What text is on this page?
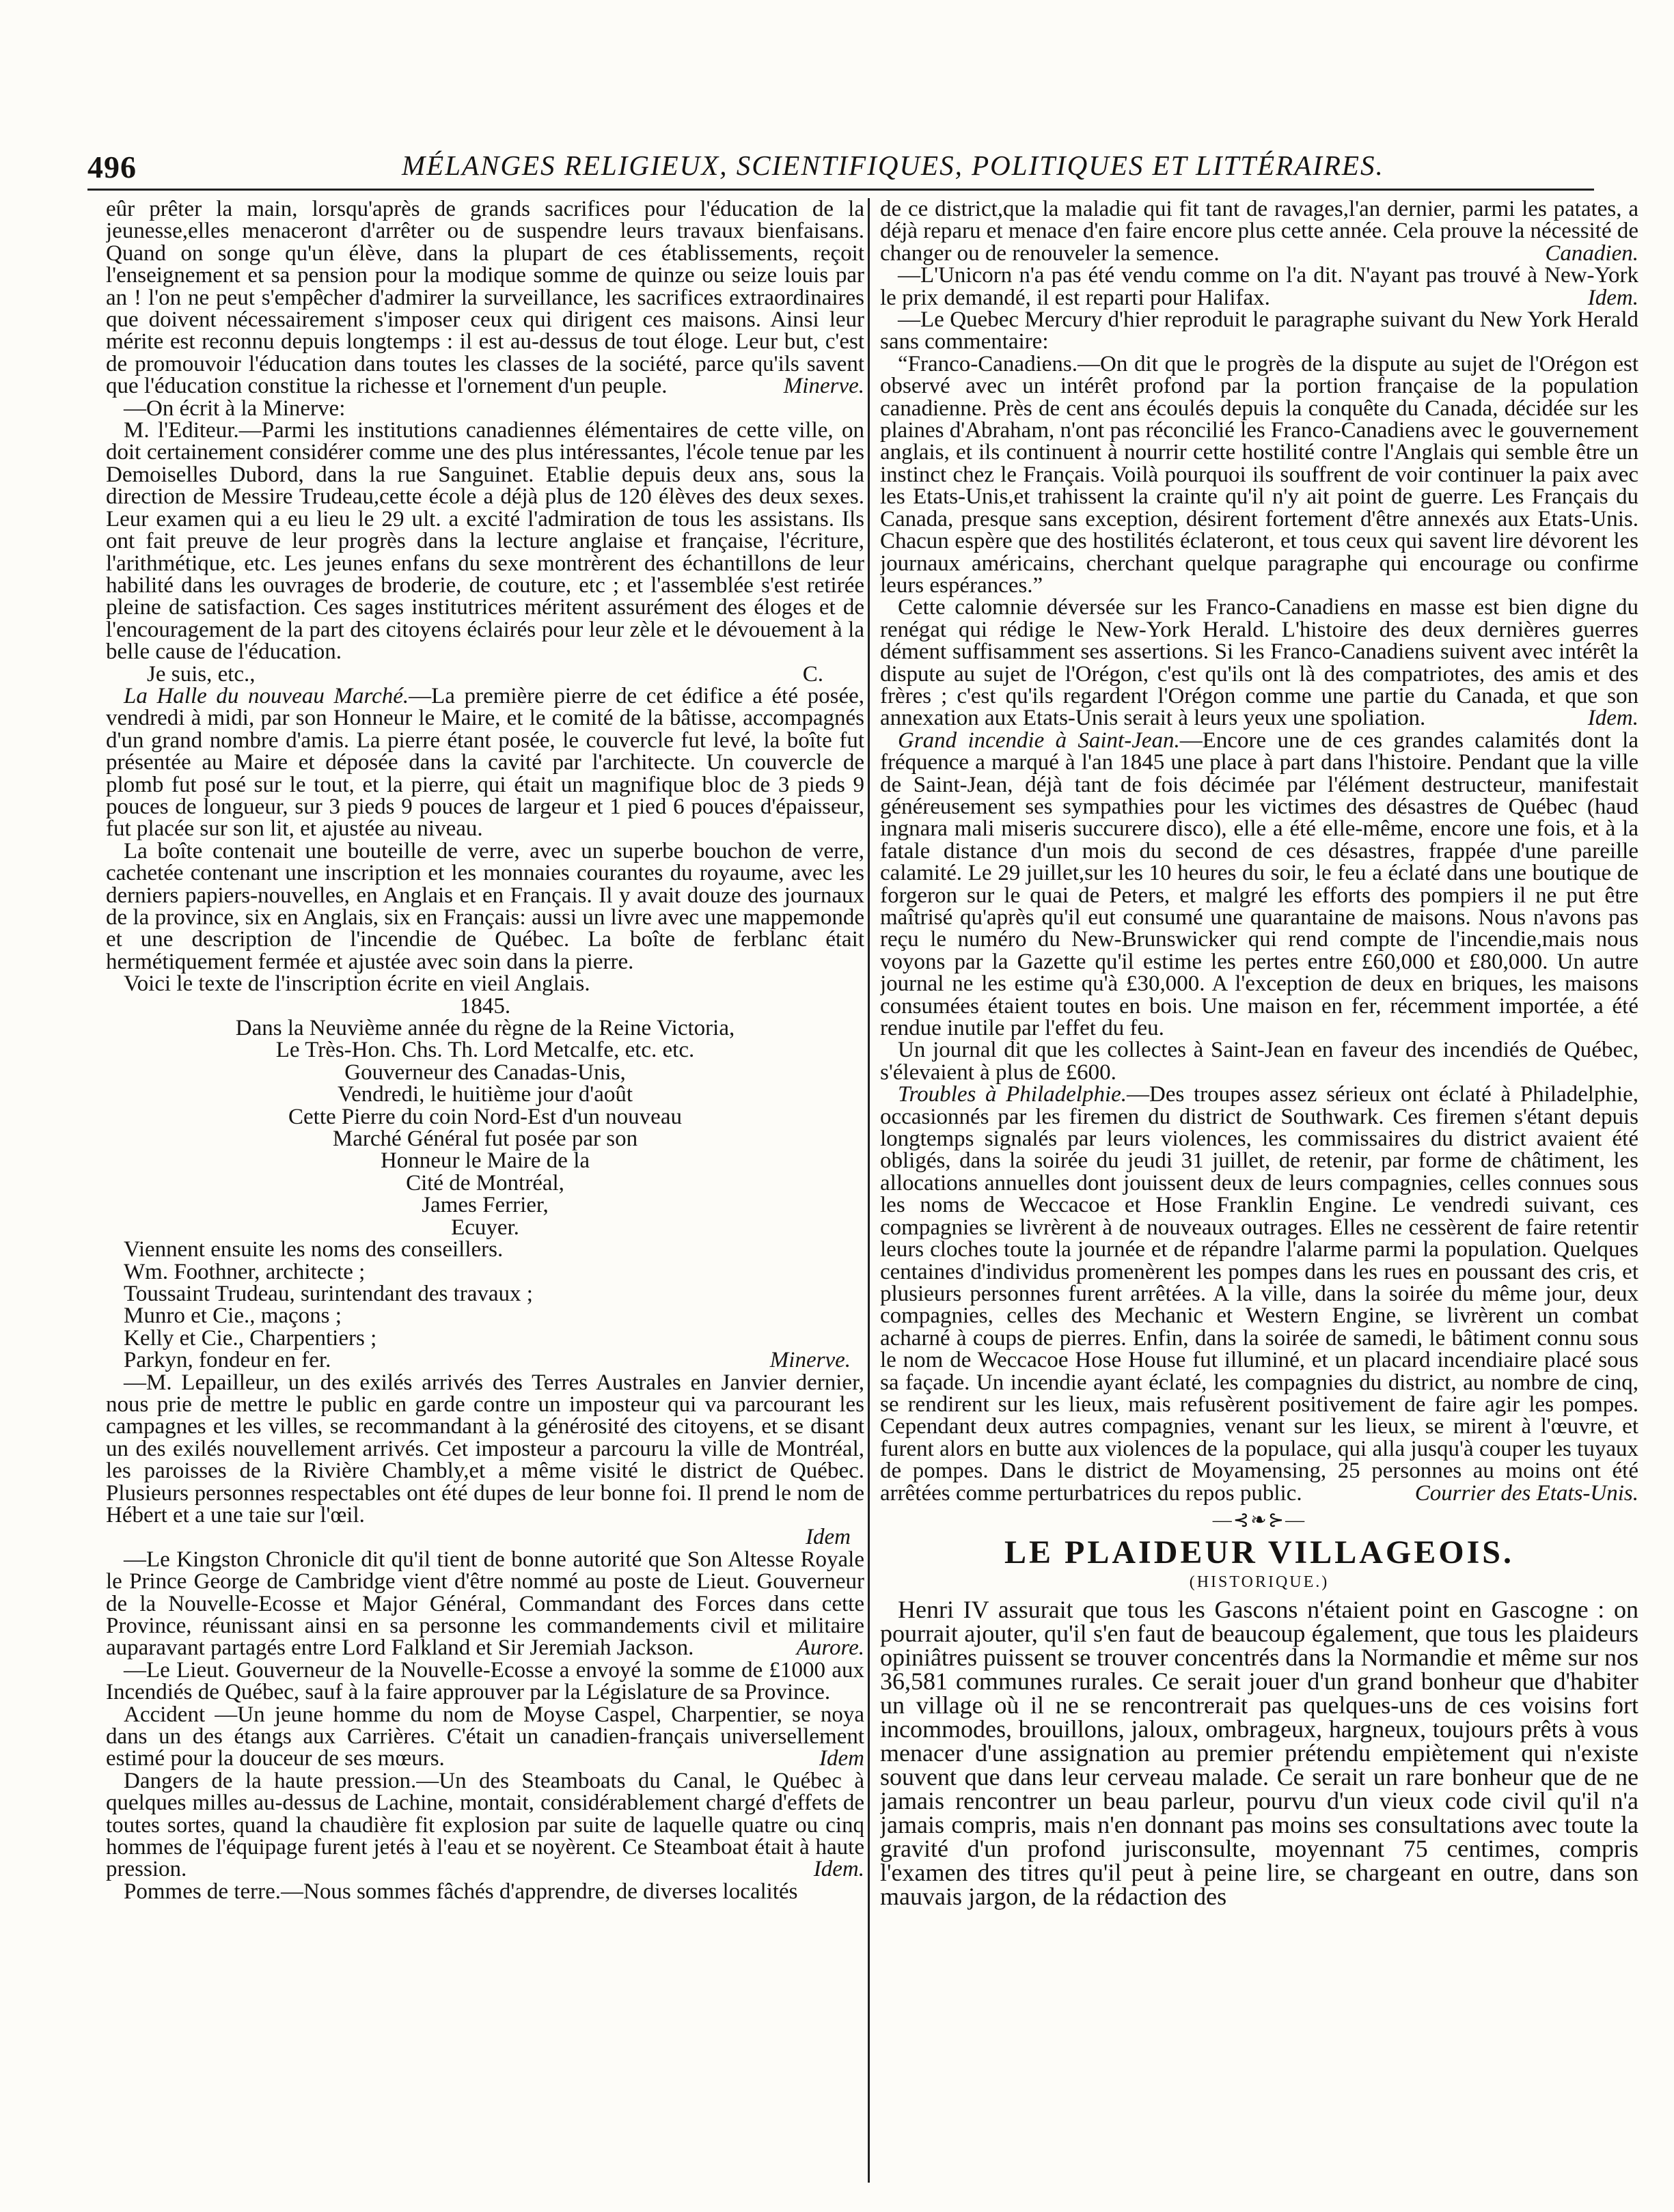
496	MÉLANGES RELIGIEUX, SCIENTIFIQUES, POLITIQUES ET LITTÉRAIRES.

eûr prêter la main, lorsqu'après de grands sacrifices pour l'éducation de la jeunesse,elles menaceront d'arrêter ou de suspendre leurs travaux bienfaisans. Quand on songe qu'un élève, dans la plupart de ces établissements, reçoit l'enseignement et sa pension pour la modique somme de quinze ou seize louis par an ! l'on ne peut s'empêcher d'admirer la surveillance, les sacrifices extraordinaires que doivent nécessairement s'imposer ceux qui dirigent ces maisons. Ainsi leur mérite est reconnu depuis longtemps : il est au-dessus de tout éloge. Leur but, c'est de promouvoir l'éducation dans toutes les classes de la société, parce qu'ils savent que l'éducation constitue la richesse et l'ornement d'un peuple.	Minerve.

—On écrit à la Minerve:

M. l'Editeur.—Parmi les institutions canadiennes élémentaires de cette ville, on doit certainement considérer comme une des plus intéressantes, l'école tenue par les Demoiselles Dubord, dans la rue Sanguinet. Etablie depuis deux ans, sous la direction de Messire Trudeau,cette école a déjà plus de 120 élèves des deux sexes. Leur examen qui a eu lieu le 29 ult. a excité l'admiration de tous les assistans. Ils ont fait preuve de leur progrès dans la lecture anglaise et française, l'écriture, l'arithmétique, etc. Les jeunes enfans du sexe montrèrent des échantillons de leur habilité dans les ouvrages de broderie, de couture, etc ; et l'assemblée s'est retirée pleine de satisfaction. Ces sages institutrices méritent assurément des éloges et de l'encouragement de la part des citoyens éclairés pour leur zèle et le dévouement à la belle cause de l'éducation.

Je suis, etc.,	C.

La Halle du nouveau Marché.—La première pierre de cet édifice a été posée, vendredi à midi, par son Honneur le Maire, et le comité de la bâtisse, accompagnés d'un grand nombre d'amis. La pierre étant posée, le couvercle fut levé, la boîte fut présentée au Maire et déposée dans la cavité par l'architecte. Un couvercle de plomb fut posé sur le tout, et la pierre, qui était un magnifique bloc de 3 pieds 9 pouces de longueur, sur 3 pieds 9 pouces de largeur et 1 pied 6 pouces d'épaisseur, fut placée sur son lit, et ajustée au niveau.

La boîte contenait une bouteille de verre, avec un superbe bouchon de verre, cachetée contenant une inscription et les monnaies courantes du royaume, avec les derniers papiers-nouvelles, en Anglais et en Français. Il y avait douze des journaux de la province, six en Anglais, six en Français: aussi un livre avec une mappemonde et une description de l'incendie de Québec. La boîte de ferblanc était hermétiquement fermée et ajustée avec soin dans la pierre.

Voici le texte de l'inscription écrite en vieil Anglais.

1845.
Dans la Neuvième année du règne de la Reine Victoria,
Le Très-Hon. Chs. Th. Lord Metcalfe, etc. etc.
Gouverneur des Canadas-Unis,
Vendredi, le huitième jour d'août
Cette Pierre du coin Nord-Est d'un nouveau
Marché Général fut posée par son
Honneur le Maire de la
Cité de Montréal,
James Ferrier,
Ecuyer.
Viennent ensuite les noms des conseillers.
Wm. Foothner, architecte ;
Toussaint Trudeau, surintendant des travaux ;
Munro et Cie., maçons ;
Kelly et Cie., Charpentiers ;
Parkyn, fondeur en fer.	Minerve.

—M. Lepailleur, un des exilés arrivés des Terres Australes en Janvier dernier, nous prie de mettre le public en garde contre un imposteur qui va parcourant les campagnes et les villes, se recommandant à la générosité des citoyens, et se disant un des exilés nouvellement arrivés. Cet imposteur a parcouru la ville de Montréal, les paroisses de la Rivière Chambly,et a même visité le district de Québec. Plusieurs personnes respectables ont été dupes de leur bonne foi. Il prend le nom de Hébert et a une taie sur l'œil.

Idem

—Le Kingston Chronicle dit qu'il tient de bonne autorité que Son Altesse Royale le Prince George de Cambridge vient d'être nommé au poste de Lieut. Gouverneur de la Nouvelle-Ecosse et Major Général, Commandant des Forces dans cette Province, réunissant ainsi en sa personne les commandements civil et militaire auparavant partagés entre Lord Falkland et Sir Jeremiah Jackson.	Aurore.

—Le Lieut. Gouverneur de la Nouvelle-Ecosse a envoyé la somme de £1000 aux Incendiés de Québec, sauf à la faire approuver par la Législature de sa Province.

Accident —Un jeune homme du nom de Moyse Caspel, Charpentier, se noya dans un des étangs aux Carrières. C'était un canadien-français universellement estimé pour la douceur de ses mœurs.	Idem

Dangers de la haute pression.—Un des Steamboats du Canal, le Québec à quelques milles au-dessus de Lachine, montait, considérablement chargé d'effets de toutes sortes, quand la chaudière fit explosion par suite de laquelle quatre ou cinq hommes de l'équipage furent jetés à l'eau et se noyèrent. Ce Steamboat était à haute pression.	Idem.

Pommes de terre.—Nous sommes fâchés d'apprendre, de diverses localités

de ce district,que la maladie qui fit tant de ravages,l'an dernier, parmi les patates, a déjà reparu et menace d'en faire encore plus cette année. Cela prouve la nécessité de changer ou de renouveler la semence.	Canadien.

—L'Unicorn n'a pas été vendu comme on l'a dit. N'ayant pas trouvé à New-York le prix demandé, il est reparti pour Halifax.	Idem.

—Le Quebec Mercury d'hier reproduit le paragraphe suivant du New York Herald sans commentaire:

“Franco-Canadiens.—On dit que le progrès de la dispute au sujet de l'Orégon est observé avec un intérêt profond par la portion française de la population canadienne. Près de cent ans écoulés depuis la conquête du Canada, décidée sur les plaines d'Abraham, n'ont pas réconcilié les Franco-Canadiens avec le gouvernement anglais, et ils continuent à nourrir cette hostilité contre l'Anglais qui semble être un instinct chez le Français. Voilà pourquoi ils souffrent de voir continuer la paix avec les Etats-Unis,et trahissent la crainte qu'il n'y ait point de guerre. Les Français du Canada, presque sans exception, désirent fortement d'être annexés aux Etats-Unis. Chacun espère que des hostilités éclateront, et tous ceux qui savent lire dévorent les journaux américains, cherchant quelque paragraphe qui encourage ou confirme leurs espérances.”

Cette calomnie déversée sur les Franco-Canadiens en masse est bien digne du renégat qui rédige le New-York Herald. L'histoire des deux dernières guerres dément suffisamment ses assertions. Si les Franco-Canadiens suivent avec intérêt la dispute au sujet de l'Orégon, c'est qu'ils ont là des compatriotes, des amis et des frères ; c'est qu'ils regardent l'Orégon comme une partie du Canada, et que son annexation aux Etats-Unis serait à leurs yeux une spoliation.	Idem.

Grand incendie à Saint-Jean.—Encore une de ces grandes calamités dont la fréquence a marqué à l'an 1845 une place à part dans l'histoire. Pendant que la ville de Saint-Jean, déjà tant de fois décimée par l'élément destructeur, manifestait généreusement ses sympathies pour les victimes des désastres de Québec (haud ingnara mali miseris succurere disco), elle a été elle-même, encore une fois, et à la fatale distance d'un mois du second de ces désastres, frappée d'une pareille calamité. Le 29 juillet,sur les 10 heures du soir, le feu a éclaté dans une boutique de forgeron sur le quai de Peters, et malgré les efforts des pompiers il ne put être maîtrisé qu'après qu'il eut consumé une quarantaine de maisons. Nous n'avons pas reçu le numéro du New-Brunswicker qui rend compte de l'incendie,mais nous voyons par la Gazette qu'il estime les pertes entre £60,000 et £80,000. Un autre journal ne les estime qu'à £30,000. A l'exception de deux en briques, les maisons consumées étaient toutes en bois. Une maison en fer, récemment importée, a été rendue inutile par l'effet du feu.

Un journal dit que les collectes à Saint-Jean en faveur des incendiés de Québec, s'élevaient à plus de £600.

Troubles à Philadelphie.—Des troupes assez sérieux ont éclaté à Philadelphie, occasionnés par les firemen du district de Southwark. Ces firemen s'étant depuis longtemps signalés par leurs violences, les commissaires du district avaient été obligés, dans la soirée du jeudi 31 juillet, de retenir, par forme de châtiment, les allocations annuelles dont jouissent deux de leurs compagnies, celles connues sous les noms de Weccacoe et Hose Franklin Engine. Le vendredi suivant, ces compagnies se livrèrent à de nouveaux outrages. Elles ne cessèrent de faire retentir leurs cloches toute la journée et de répandre l'alarme parmi la population. Quelques centaines d'individus promenèrent les pompes dans les rues en poussant des cris, et plusieurs personnes furent arrêtées. A la ville, dans la soirée du même jour, deux compagnies, celles des Mechanic et Western Engine, se livrèrent un combat acharné à coups de pierres. Enfin, dans la soirée de samedi, le bâtiment connu sous le nom de Weccacoe Hose House fut illuminé, et un placard incendiaire placé sous sa façade. Un incendie ayant éclaté, les compagnies du district, au nombre de cinq, se rendirent sur les lieux, mais refusèrent positivement de faire agir les pompes. Cependant deux autres compagnies, venant sur les lieux, se mirent à l'œuvre, et furent alors en butte aux violences de la populace, qui alla jusqu'à couper les tuyaux de pompes. Dans le district de Moyamensing, 25 personnes au moins ont été arrêtées comme perturbatrices du repos public.	Courrier des Etats-Unis.

—⊰❧⊱—
LE PLAIDEUR VILLAGEOIS.
(HISTORIQUE.)

Henri IV assurait que tous les Gascons n'étaient point en Gascogne : on pourrait ajouter, qu'il s'en faut de beaucoup également, que tous les plaideurs opiniâtres puissent se trouver concentrés dans la Normandie et même sur nos 36,581 communes rurales. Ce serait jouer d'un grand bonheur que d'habiter un village où il ne se rencontrerait pas quelques-uns de ces voisins fort incommodes, brouillons, jaloux, ombrageux, hargneux, toujours prêts à vous menacer d'une assignation au premier prétendu empiètement qui n'existe souvent que dans leur cerveau malade. Ce serait un rare bonheur que de ne jamais rencontrer un beau parleur, pourvu d'un vieux code civil qu'il n'a jamais compris, mais n'en donnant pas moins ses consultations avec toute la gravité d'un profond jurisconsulte, moyennant 75 centimes, compris l'examen des titres qu'il peut à peine lire, se chargeant en outre, dans son mauvais jargon, de la rédaction des
